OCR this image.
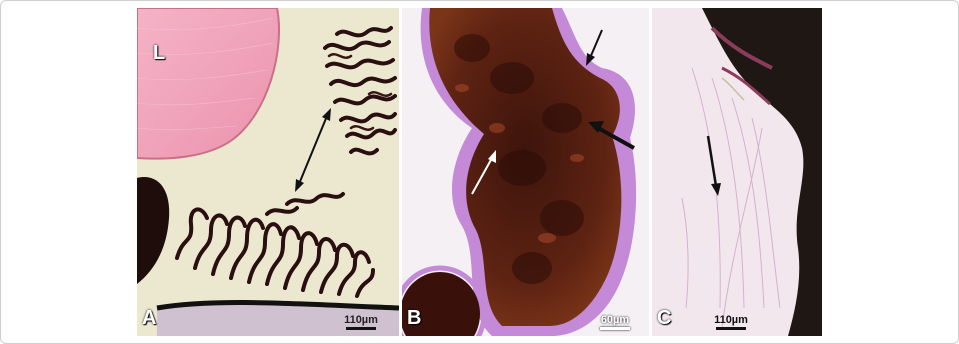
L
A	110µm	B	60µm C	110µm
